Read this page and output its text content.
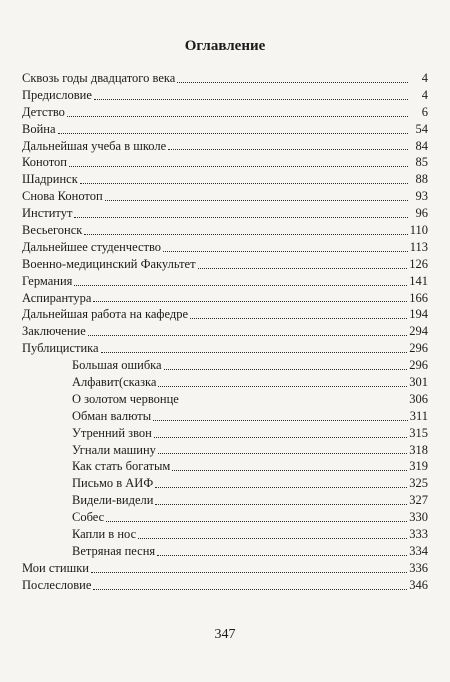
Оглавление
Сквозь годы двадцатого века	4
Предисловие	4
Детство	6
Война	54
Дальнейшая учеба в школе	84
Конотоп	85
Шадринск	88
Снова Конотоп	93
Институт	96
Весьегонск	110
Дальнейшее студенчество	113
Военно-медицинский Факультет	126
Германия	141
Аспирантура	166
Дальнейшая работа на кафедре	194
Заключение	294
Публицистика	296
Большая ошибка	296
Алфавит(сказка	301
О золотом червонце	306
Обман валюты	311
Утренний звон	315
Угнали машину	318
Как стать богатым	319
Письмо в АИФ	325
Видели-видели	327
Собес	330
Капли в нос	333
Ветряная песня	334
Мои стишки	336
Послесловие	346
347
